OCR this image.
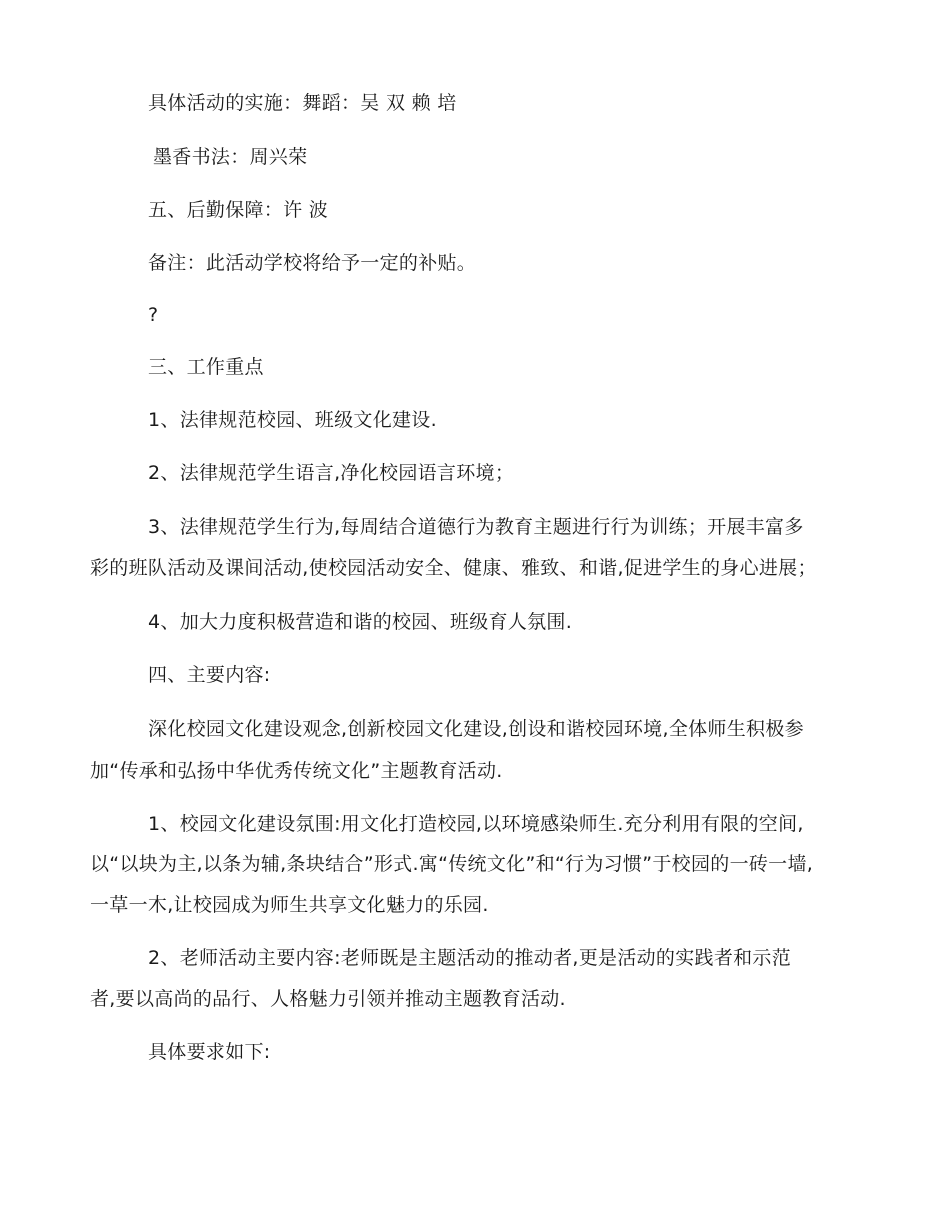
具体活动的实施：舞蹈：吴 双 赖 培
墨香书法：周兴荣
五、后勤保障：许 波
备注：此活动学校将给予一定的补贴。
?
三、工作重点
1、法律规范校园、班级文化建设.
2、法律规范学生语言,净化校园语言环境；
3、法律规范学生行为,每周结合道德行为教育主题进行行为训练；开展丰富多
彩的班队活动及课间活动,使校园活动安全、健康、雅致、和谐,促进学生的身心进展；
4、加大力度积极营造和谐的校园、班级育人氛围.
四、主要内容:
深化校园文化建设观念,创新校园文化建设,创设和谐校园环境,全体师生积极参
加“传承和弘扬中华优秀传统文化”主题教育活动.
1、校园文化建设氛围:用文化打造校园,以环境感染师生.充分利用有限的空间,
以“以块为主,以条为辅,条块结合”形式.寓“传统文化”和“行为习惯”于校园的一砖一墙,
一草一木,让校园成为师生共享文化魅力的乐园.
2、老师活动主要内容:老师既是主题活动的推动者,更是活动的实践者和示范
者,要以高尚的品行、人格魅力引领并推动主题教育活动.
具体要求如下:
